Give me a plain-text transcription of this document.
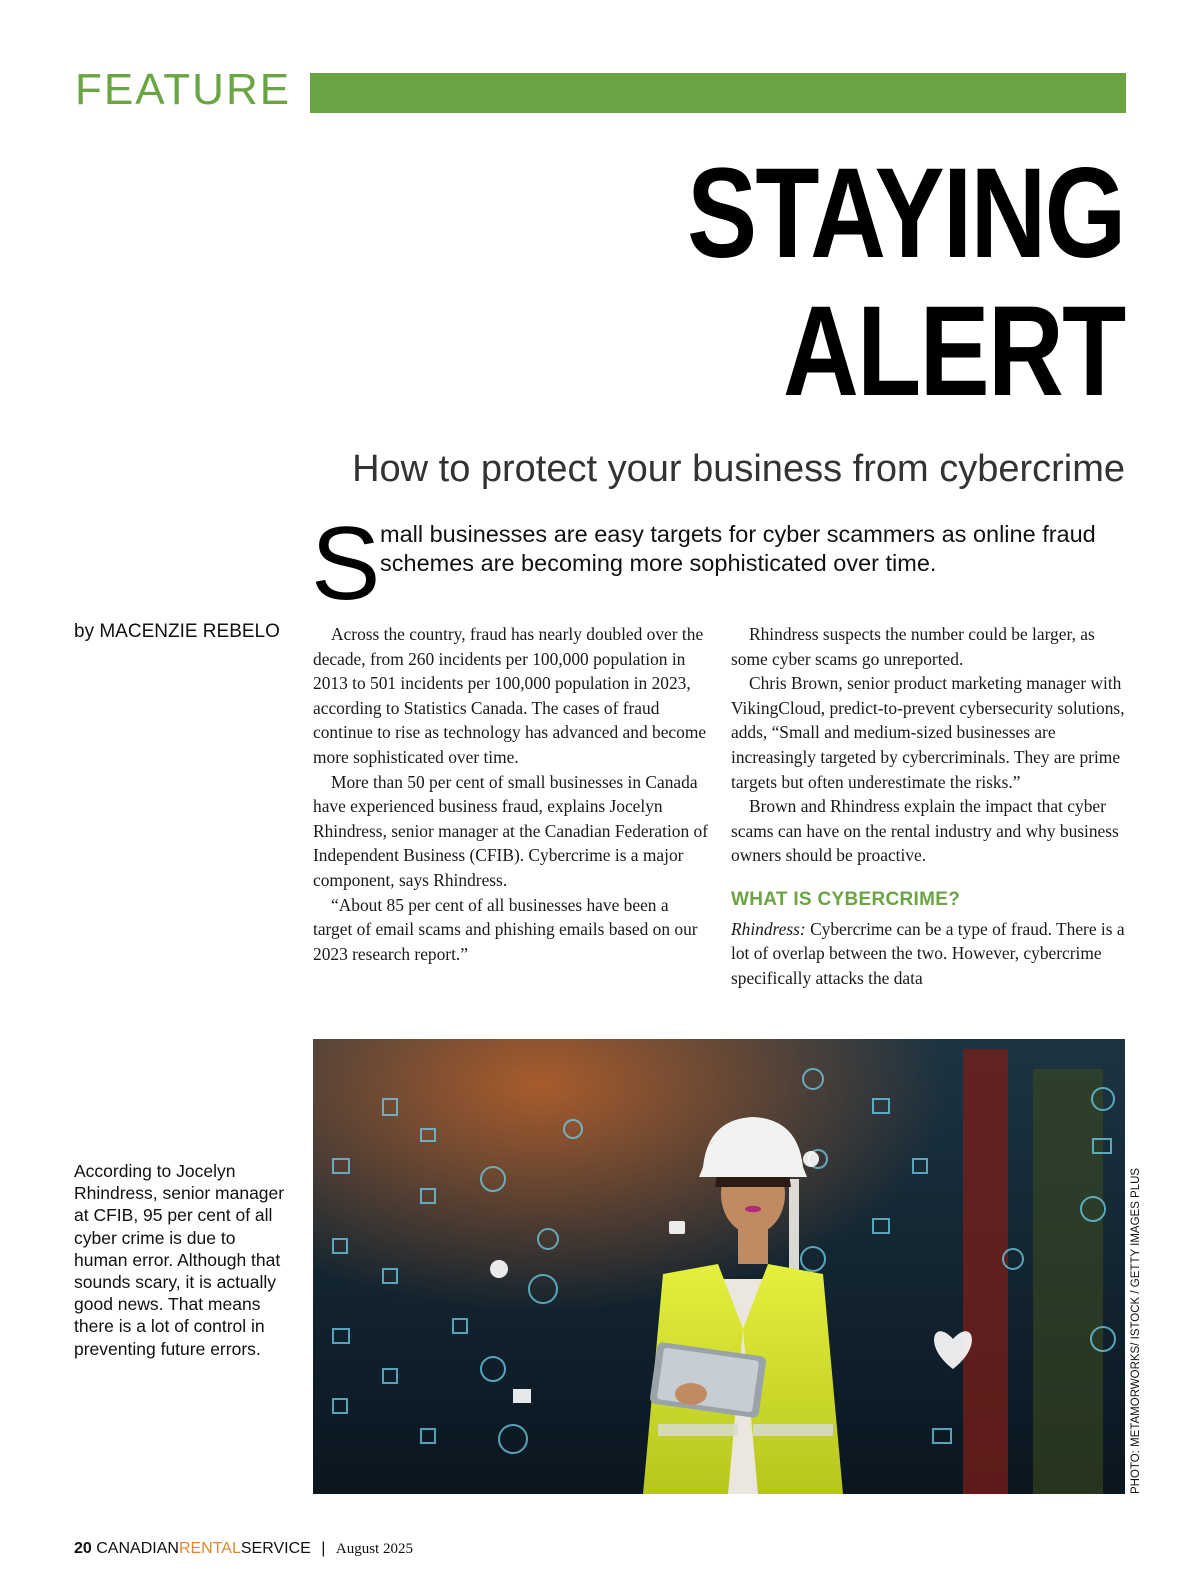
FEATURE
STAYING
ALERT
How to protect your business from cybercrime
S mall businesses are easy targets for cyber scammers as online fraud schemes are becoming more sophisticated over time.
by MACENZIE REBELO	Across the country, fraud has nearly doubled over the decade, from 260 incidents per 100,000 population in 2013 to 501 incidents per 100,000 population in 2023, according to Statistics Canada. The cases of fraud continue to rise as technology has advanced and become more sophisticated over time.

More than 50 per cent of small businesses in Canada have experienced business fraud, explains Jocelyn Rhindress, senior manager at the Canadian Federation of Independent Business (CFIB). Cybercrime is a major component, says Rhindress.

“About 85 per cent of all businesses have been a target of email scams and phishing emails based on our 2023 research report.”

Rhindress suspects the number could be larger, as some cyber scams go unreported.

Chris Brown, senior product marketing manager with VikingCloud, predict-to-prevent cybersecurity solutions, adds, “Small and medium-sized businesses are increasingly targeted by cybercriminals. They are prime targets but often underestimate the risks.”

Brown and Rhindress explain the impact that cyber scams can have on the rental industry and why business owners should be proactive.

WHAT IS CYBERCRIME?

Rhindress: Cybercrime can be a type of fraud. There is a lot of overlap between the two. However, cybercrime specifically attacks the data

PHOTO: METAMORWORKS/ ISTOCK / GETTY IMAGES PLUS
According to Jocelyn Rhindress, senior manager at CFIB, 95 per cent of all cyber crime is due to human error. Although that sounds scary, it is actually good news. That means there is a lot of control in preventing future errors.
20 CANADIANRENTALSERVICE | August 2025
